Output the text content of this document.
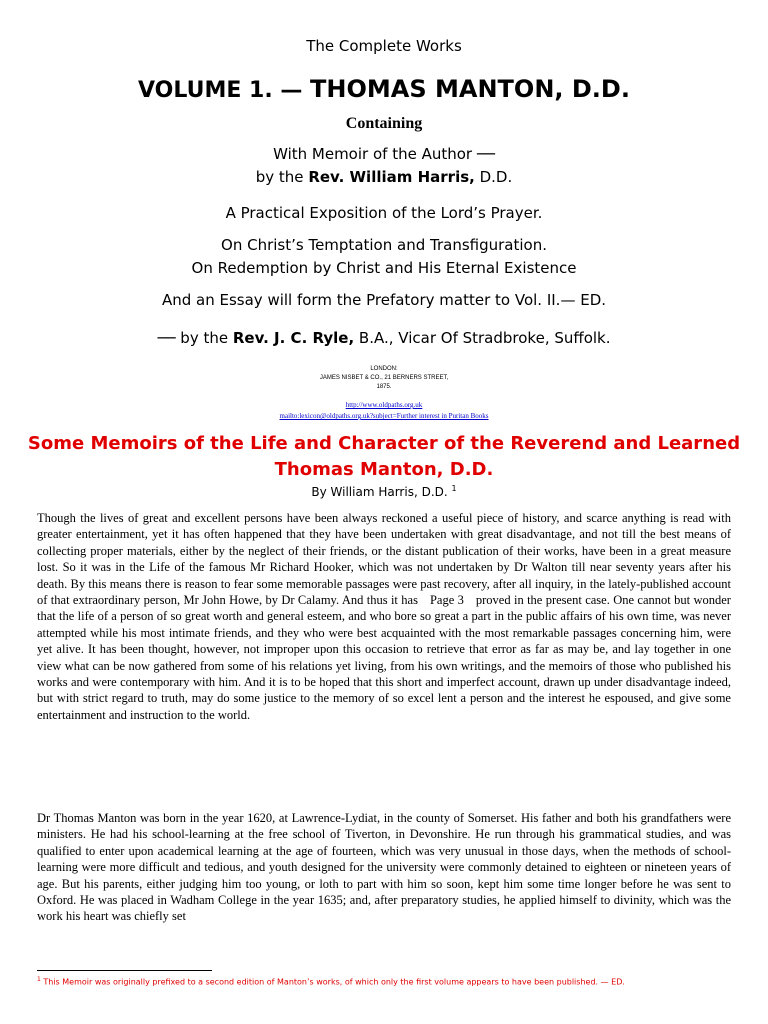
The Complete Works
VOLUME 1. — THOMAS MANTON, D.D.
Containing
With Memoir of the Author ──
by the Rev. William Harris, D.D.
A Practical Exposition of the Lord’s Prayer.
On Christ’s Temptation and Transfiguration.
On Redemption by Christ and His Eternal Existence
And an Essay will form the Prefatory matter to Vol. II.— ED.
── by the Rev. J. C. Ryle, B.A., Vicar Of Stradbroke, Suffolk.
LONDON:
JAMES NISBET & CO., 21 BERNERS STREET,
1875.
http://www.oldpaths.org.uk
mailto:lexicon@oldpaths.org.uk?subject=Further interest in Puritan Books
Some Memoirs of the Life and Character of the Reverend and Learned
Thomas Manton, D.D.
By William Harris, D.D. $^1$

Though the lives of great and excellent persons have been always reckoned a useful piece of history, and scarce anything is read with greater entertainment, yet it has often happened that they have been undertaken with great disadvantage, and not till the best means of collecting proper materials, either by the neglect of their friends, or the distant publication of their works, have been in a great measure lost. So it was in the Life of the famous Mr Richard Hooker, which was not undertaken by Dr Walton till near seventy years after his death. By this means there is reason to fear some memorable passages were past recovery, after all inquiry, in the lately-published account of that extraordinary person, Mr John Howe, by Dr Calamy. And thus it has Page 3 proved in the present case. One cannot but wonder that the life of a person of so great worth and general esteem, and who bore so great a part in the public affairs of his own time, was never attempted while his most intimate friends, and they who were best acquainted with the most remarkable passages concerning him, were yet alive. It has been thought, however, not improper upon this occasion to retrieve that error as far as may be, and lay together in one view what can be now gathered from some of his relations yet living, from his own writings, and the memoirs of those who published his works and were contemporary with him. And it is to be hoped that this short and imperfect account, drawn up under disadvantage indeed, but with strict regard to truth, may do some justice to the memory of so excel lent a person and the interest he espoused, and give some entertainment and instruction to the world.

Dr Thomas Manton was born in the year 1620, at Lawrence-Lydiat, in the county of Somerset. His father and both his grandfathers were ministers. He had his school-learning at the free school of Tiverton, in Devonshire. He run through his grammatical studies, and was qualified to enter upon academical learning at the age of fourteen, which was very unusual in those days, when the methods of school-learning were more difficult and tedious, and youth designed for the university were commonly detained to eighteen or nineteen years of age. But his parents, either judging him too young, or loth to part with him so soon, kept him some time longer before he was sent to Oxford. He was placed in Wadham College in the year 1635; and, after preparatory studies, he applied himself to divinity, which was the work his heart was chiefly set

$^1$ This Memoir was originally prefixed to a second edition of Manton’s works, of which only the first volume appears to have been published. — ED.
